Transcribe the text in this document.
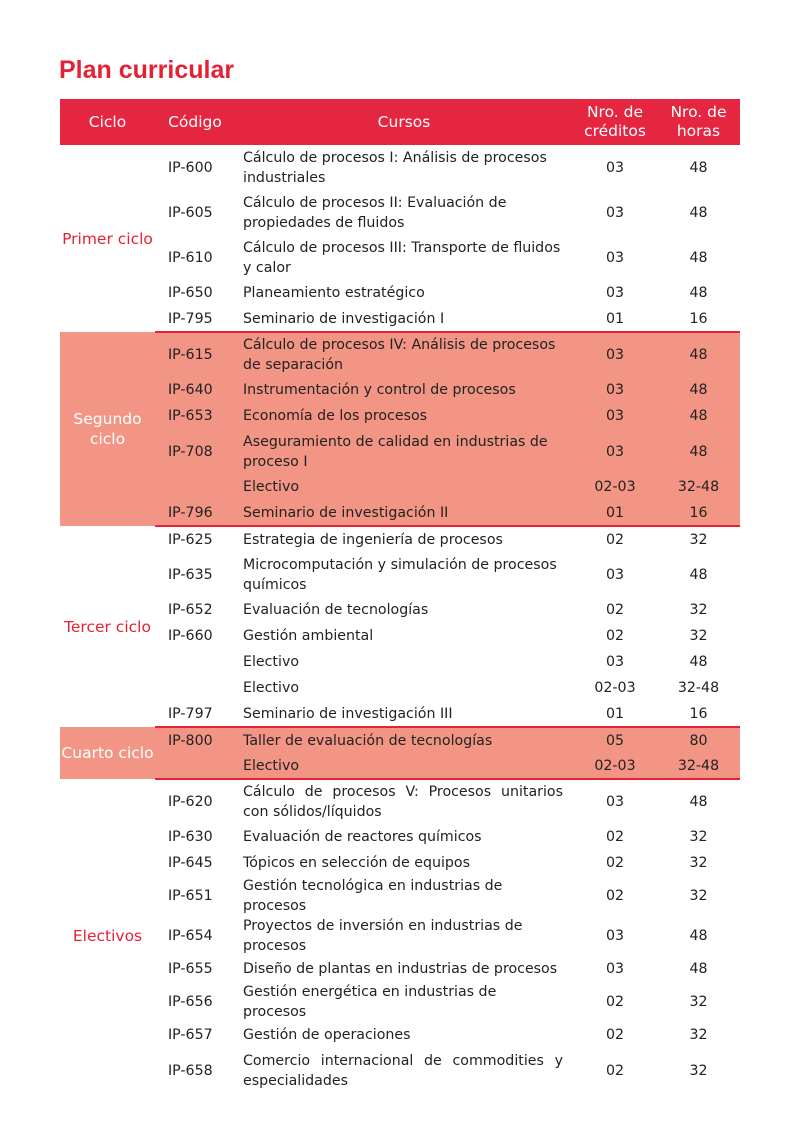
Plan curricular
Ciclo	Código	Cursos	Nro. de créditos	Nro. de horas
Primer ciclo	IP-600	Cálculo de procesos I: Análisis de procesos industriales	03	48
	IP-605	Cálculo de procesos II: Evaluación de propiedades de fluidos	03	48
	IP-610	Cálculo de procesos III: Transporte de fluidos y calor	03	48
	IP-650	Planeamiento estratégico	03	48
	IP-795	Seminario de investigación I	01	16
Segundo ciclo	IP-615	Cálculo de procesos IV: Análisis de procesos de separación	03	48
	IP-640	Instrumentación y control de procesos	03	48
	IP-653	Economía de los procesos	03	48
	IP-708	Aseguramiento de calidad en industrias de proceso I	03	48
		Electivo	02-03	32-48
	IP-796	Seminario de investigación II	01	16
Tercer ciclo	IP-625	Estrategia de ingeniería de procesos	02	32
	IP-635	Microcomputación y simulación de procesos químicos	03	48
	IP-652	Evaluación de tecnologías	02	32
	IP-660	Gestión ambiental	02	32
		Electivo	03	48
		Electivo	02-03	32-48
	IP-797	Seminario de investigación III	01	16
Cuarto ciclo	IP-800	Taller de evaluación de tecnologías	05	80
		Electivo	02-03	32-48
Electivos	IP-620	Cálculo de procesos V: Procesos unitarios con sólidos/líquidos	03	48
	IP-630	Evaluación de reactores químicos	02	32
	IP-645	Tópicos en selección de equipos	02	32
	IP-651	Gestión tecnológica en industrias de procesos	02	32
	IP-654	Proyectos de inversión en industrias de procesos	03	48
	IP-655	Diseño de plantas en industrias de procesos	03	48
	IP-656	Gestión energética en industrias de procesos	02	32
	IP-657	Gestión de operaciones	02	32
	IP-658	Comercio internacional de commodities y especialidades	02	32
